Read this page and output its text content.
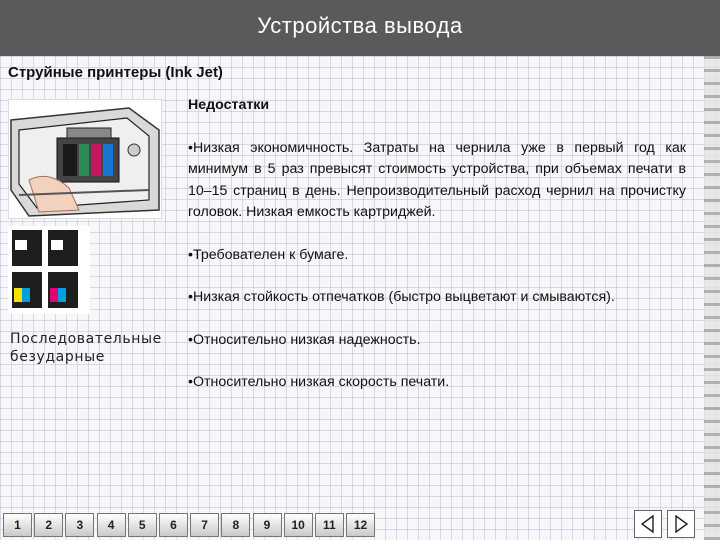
Устройства вывода
Струйные принтеры (Ink Jet)
Последовательные
безударные
Недостатки
•Низкая экономичность. Затраты на чернила уже в первый год как минимум в 5 раз превысят стоимость устройства, при объемах печати в 10–15 страниц в день. Непроизводительный расход чернил на прочистку головок. Низкая емкость картриджей.
•Требователен к бумаге.
•Низкая стойкость отпечатков (быстро выцветают и смываются).
•Относительно низкая надежность.
•Относительно низкая скорость печати.
1	2	3	4	5	6	7	8	9	10	11	12
